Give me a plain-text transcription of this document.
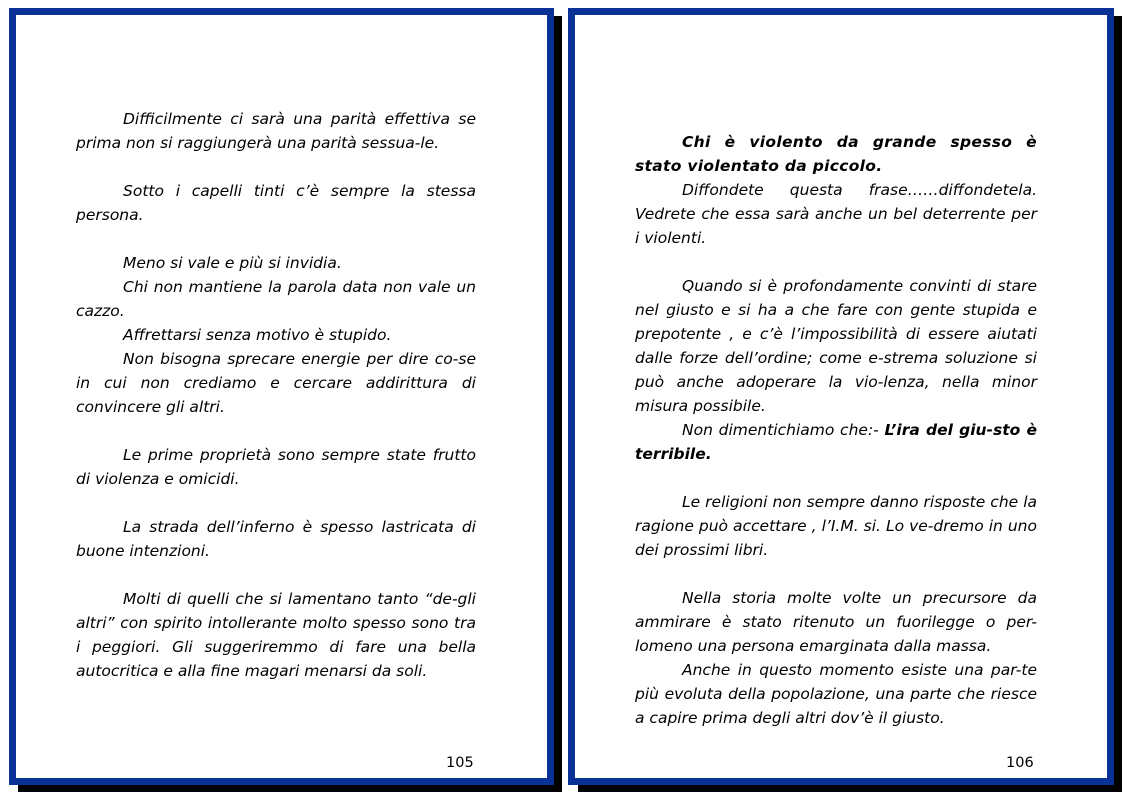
Difficilmente ci sarà una parità effettiva se prima non si raggiungerà una parità sessua-le.

Sotto i capelli tinti c’è sempre la stessa persona.

Meno si vale e più si invidia.

Chi non mantiene la parola data non vale un cazzo.

Affrettarsi senza motivo è stupido.

Non bisogna sprecare energie per dire co-se in cui non crediamo e cercare addirittura di convincere gli altri.

Le prime proprietà sono sempre state frutto di violenza e omicidi.

La strada dell’inferno è spesso lastricata di buone intenzioni.

Molti di quelli che si lamentano tanto “de-gli altri” con spirito intollerante molto spesso sono tra i peggiori. Gli suggeriremmo di fare una bella autocritica e alla fine magari menarsi da soli.

105

Chi è violento da grande spesso è stato violentato da piccolo.

Diffondete questa frase……diffondetela. Vedrete che essa sarà anche un bel deterrente per i violenti.

Quando si è profondamente convinti di stare nel giusto e si ha a che fare con gente stupida e prepotente , e c’è l’impossibilità di essere aiutati dalle forze dell’ordine; come e-strema soluzione si può anche adoperare la vio-lenza, nella minor misura possibile.

Non dimentichiamo che:- L’ira del giu-sto è terribile.

Le religioni non sempre danno risposte che la ragione può accettare , l’I.M. si. Lo ve-dremo in uno dei prossimi libri.

Nella storia molte volte un precursore da ammirare è stato ritenuto un fuorilegge o per-lomeno una persona emarginata dalla massa.

Anche in questo momento esiste una par-te più evoluta della popolazione, una parte che riesce a capire prima degli altri dov’è il giusto.

106
